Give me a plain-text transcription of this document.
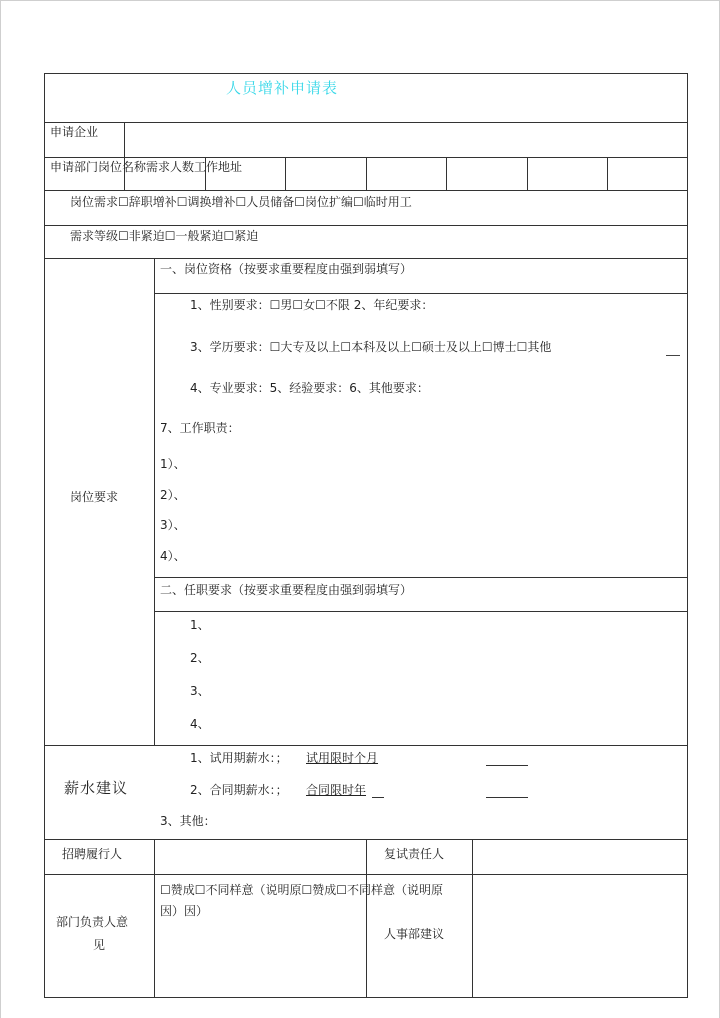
人员增补申请表
申请企业
申请部门岗位名称需求人数工作地址
岗位需求☐辞职增补☐调换增补☐人员储备☐岗位扩编☐临时用工
需求等级☐非紧迫☐一般紧迫☐紧迫
岗位要求
一、岗位资格（按要求重要程度由强到弱填写）
1、性别要求：☐男☐女☐不限 2、年纪要求：
3、学历要求：☐大专及以上☐本科及以上☐硕士及以上☐博士☐其他
4、专业要求：5、经验要求：6、其他要求：
7、工作职责：
1）、
2）、
3）、
4）、
二、任职要求（按要求重要程度由强到弱填写）
1、
2、
3、
4、
薪水建议
1、试用期薪水：； 试用限时个月
2、合同期薪水：； 合同限时年
3、其他：
招聘履行人	复试责任人
部门负责人意
见
☐赞成☐不同样意（说明原☐赞成☐不同样意（说明原
因）因）
人事部建议
